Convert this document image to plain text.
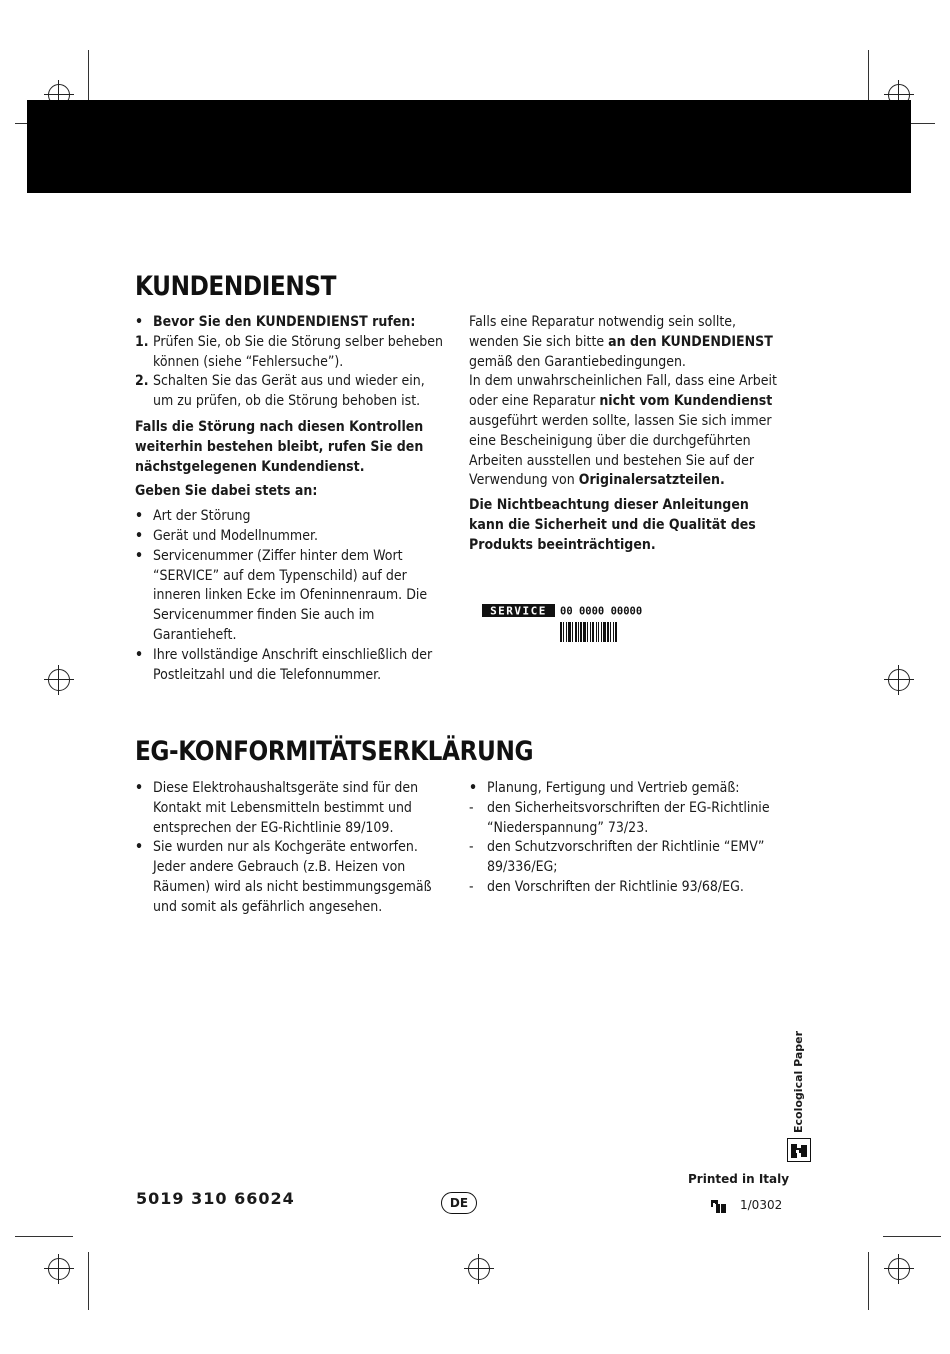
KUNDENDIENST
• Bevor Sie den KUNDENDIENST rufen:
1. Prüfen Sie, ob Sie die Störung selber beheben können (siehe “Fehlersuche”).
2. Schalten Sie das Gerät aus und wieder ein, um zu prüfen, ob die Störung behoben ist.

Falls die Störung nach diesen Kontrollen weiterhin bestehen bleibt, rufen Sie den nächstgelegenen Kundendienst.

Geben Sie dabei stets an:

• Art der Störung
• Gerät und Modellnummer.
• Servicenummer (Ziffer hinter dem Wort “SERVICE” auf dem Typenschild) auf der inneren linken Ecke im Ofeninnenraum. Die Servicenummer finden Sie auch im Garantieheft.
• Ihre vollständige Anschrift einschließlich der Postleitzahl und die Telefonnummer.

Falls eine Reparatur notwendig sein sollte, wenden Sie sich bitte an den KUNDENDIENST gemäß den Garantiebedingungen.

In dem unwahrscheinlichen Fall, dass eine Arbeit oder eine Reparatur nicht vom Kundendienst ausgeführt werden sollte, lassen Sie sich immer eine Bescheinigung über die durchgeführten Arbeiten ausstellen und bestehen Sie auf der Verwendung von Originalersatzteilen.

Die Nichtbeachtung dieser Anleitungen kann die Sicherheit und die Qualität des Produkts beeinträchtigen.

SERVICE 00 0000 00000
EG-KONFORMITÄTSERKLÄRUNG
• Diese Elektrohaushaltsgeräte sind für den Kontakt mit Lebensmitteln bestimmt und entsprechen der EG-Richtlinie 89/109.
• Sie wurden nur als Kochgeräte entworfen. Jeder andere Gebrauch (z.B. Heizen von Räumen) wird als nicht bestimmungsgemäß und somit als gefährlich angesehen.
• Planung, Fertigung und Vertrieb gemäß:
- den Sicherheitsvorschriften der EG-Richtlinie “Niederspannung” 73/23.
- den Schutzvorschriften der Richtlinie “EMV” 89/336/EG;
- den Vorschriften der Richtlinie 93/68/EG.
Ecological Paper
Printed in Italy
5019 310 66024	DE	1/0302
